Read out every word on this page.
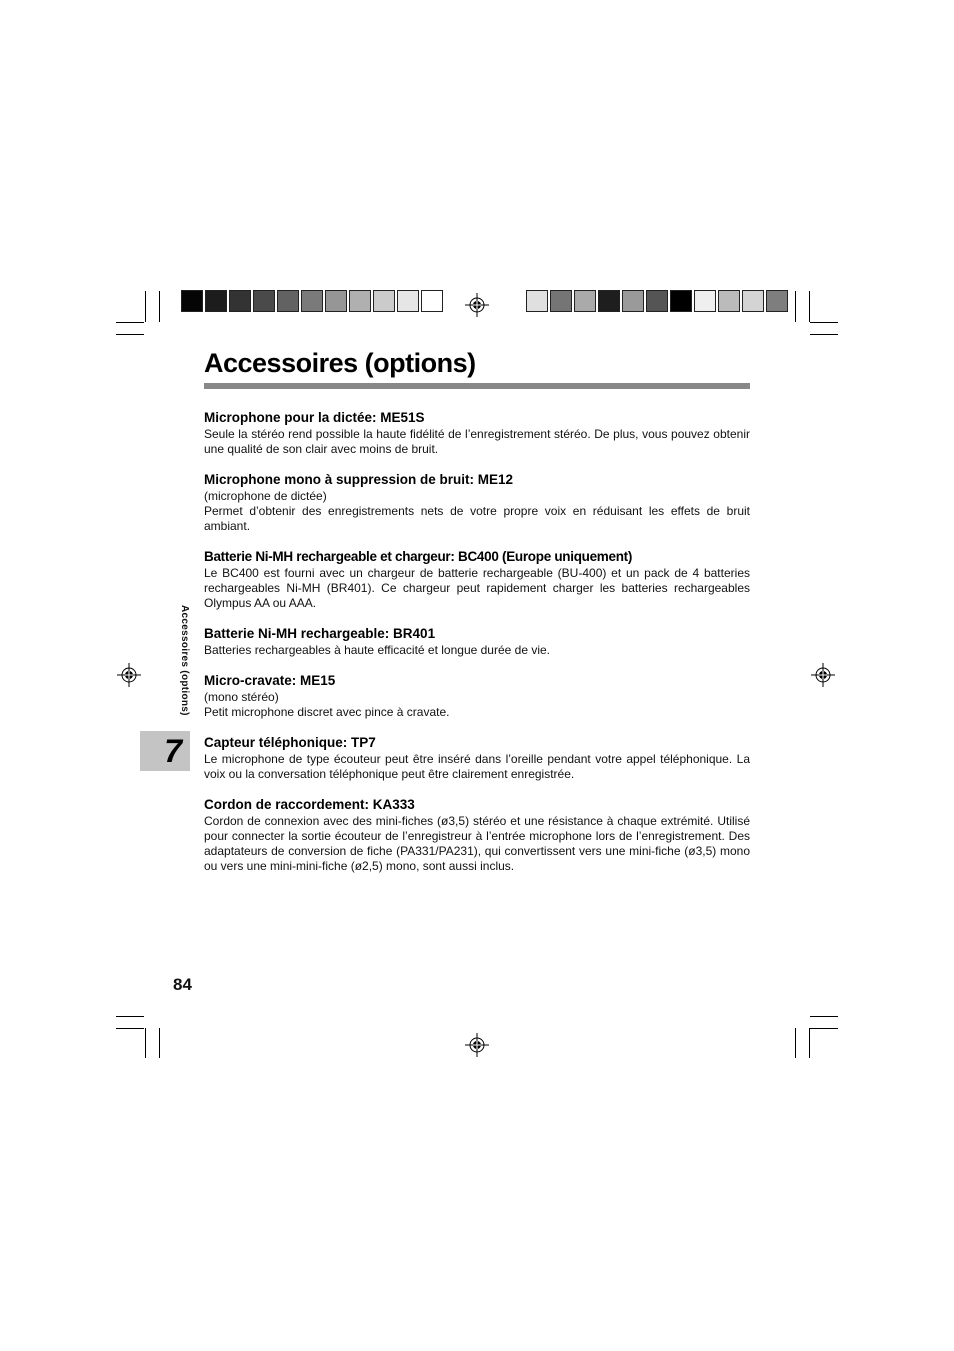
Accessoires (options)
Microphone pour la dictée: ME51S

Seule la stéréo rend possible la haute fidélité de l’enregistrement stéréo. De plus, vous pouvez obtenir une qualité de son clair avec moins de bruit.

Microphone mono à suppression de bruit: ME12

(microphone de dictée)

Permet d’obtenir des enregistrements nets de votre propre voix en réduisant les effets de bruit ambiant.

Batterie Ni-MH rechargeable et chargeur: BC400 (Europe uniquement)

Le BC400 est fourni avec un chargeur de batterie rechargeable (BU-400) et un pack de 4 batteries rechargeables Ni-MH (BR401). Ce chargeur peut rapidement charger les batteries rechargeables Olympus AA ou AAA.

Batterie Ni-MH rechargeable: BR401

Batteries rechargeables à haute efficacité et longue durée de vie.

Micro-cravate: ME15

(mono stéréo)

Petit microphone discret avec pince à cravate.

Capteur téléphonique: TP7

Le microphone de type écouteur peut être inséré dans l’oreille pendant votre appel téléphonique. La voix ou la conversation téléphonique peut être clairement enregistrée.

Cordon de raccordement: KA333

Cordon de connexion avec des mini-fiches (ø3,5) stéréo et une résistance à chaque extrémité. Utilisé pour connecter la sortie écouteur de l’enregistreur à l’entrée microphone lors de l’enregistrement. Des adaptateurs de conversion de fiche (PA331/PA231), qui convertissent vers une mini-fiche (ø3,5) mono ou vers une mini-mini-fiche (ø2,5) mono, sont aussi inclus.

Accessoires (options)
7
84
